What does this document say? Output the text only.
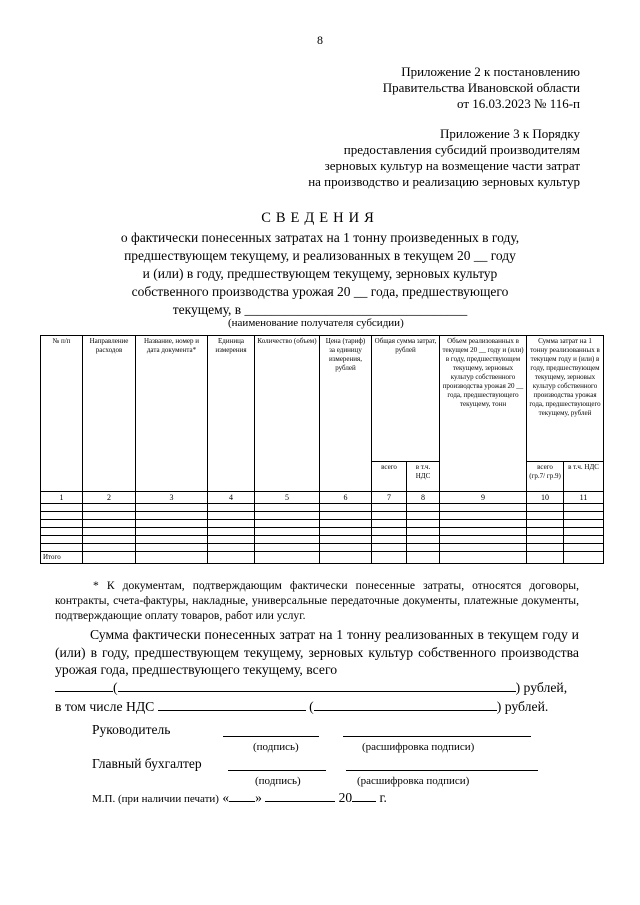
8
Приложение 2 к постановлению
Правительства Ивановской области
от 16.03.2023 № 116-п
Приложение 3 к Порядку
предоставления субсидий производителям
зерновых культур на возмещение части затрат
на производство и реализацию зерновых культур
СВЕДЕНИЯ
о фактически понесенных затратах на 1 тонну произведенных в году,
предшествующем текущему, и реализованных в текущем 20 __ году
и (или) в году, предшествующем текущему, зерновых культур
собственного производства урожая 20 __ года, предшествующего
текущему, в _________________________________
(наименование получателя субсидии)
№ п/п	Направление расходов	Название, номер и дата документа*	Единица измерения	Количество (объем)	Цена (тариф) за единицу измерения, рублей	Общая сумма затрат, рублей		Объем реализованных в текущем 20 __ году и (или) в году, предшествующем текущему, зерновых культур собственного производства урожая 20 __ года, предшествующего текущему, тонн	Сумма затрат на 1 тонну реализованных в текущем году и (или) в году, предшествующем текущему, зерновых культур собственного производства урожая года, предшествующего текущему, рублей	
						всего	в т.ч. НДС		всего (гр.7/ гр.9)	в т.ч. НДС
1	2	3	4	5	6	7	8	9	10	11

Итого										
* К документам, подтверждающим фактически понесенные затраты, относятся договоры, контракты, счета-фактуры, накладные, универсальные передаточные документы, платежные документы, подтверждающие оплату товаров, работ или услуг.
Сумма фактически понесенных затрат на 1 тонну реализованных в текущем году и (или) в году, предшествующем текущему, зерновых культур собственного производства урожая года, предшествующего текущему, всего
(	) рублей,
в том числе НДС	(	) рублей.
Руководитель
(подпись)	(расшифровка подписи)
Главный бухгалтер
(подпись)	(расшифровка подписи)
М.П. (при наличии печати) « »	20 г.
